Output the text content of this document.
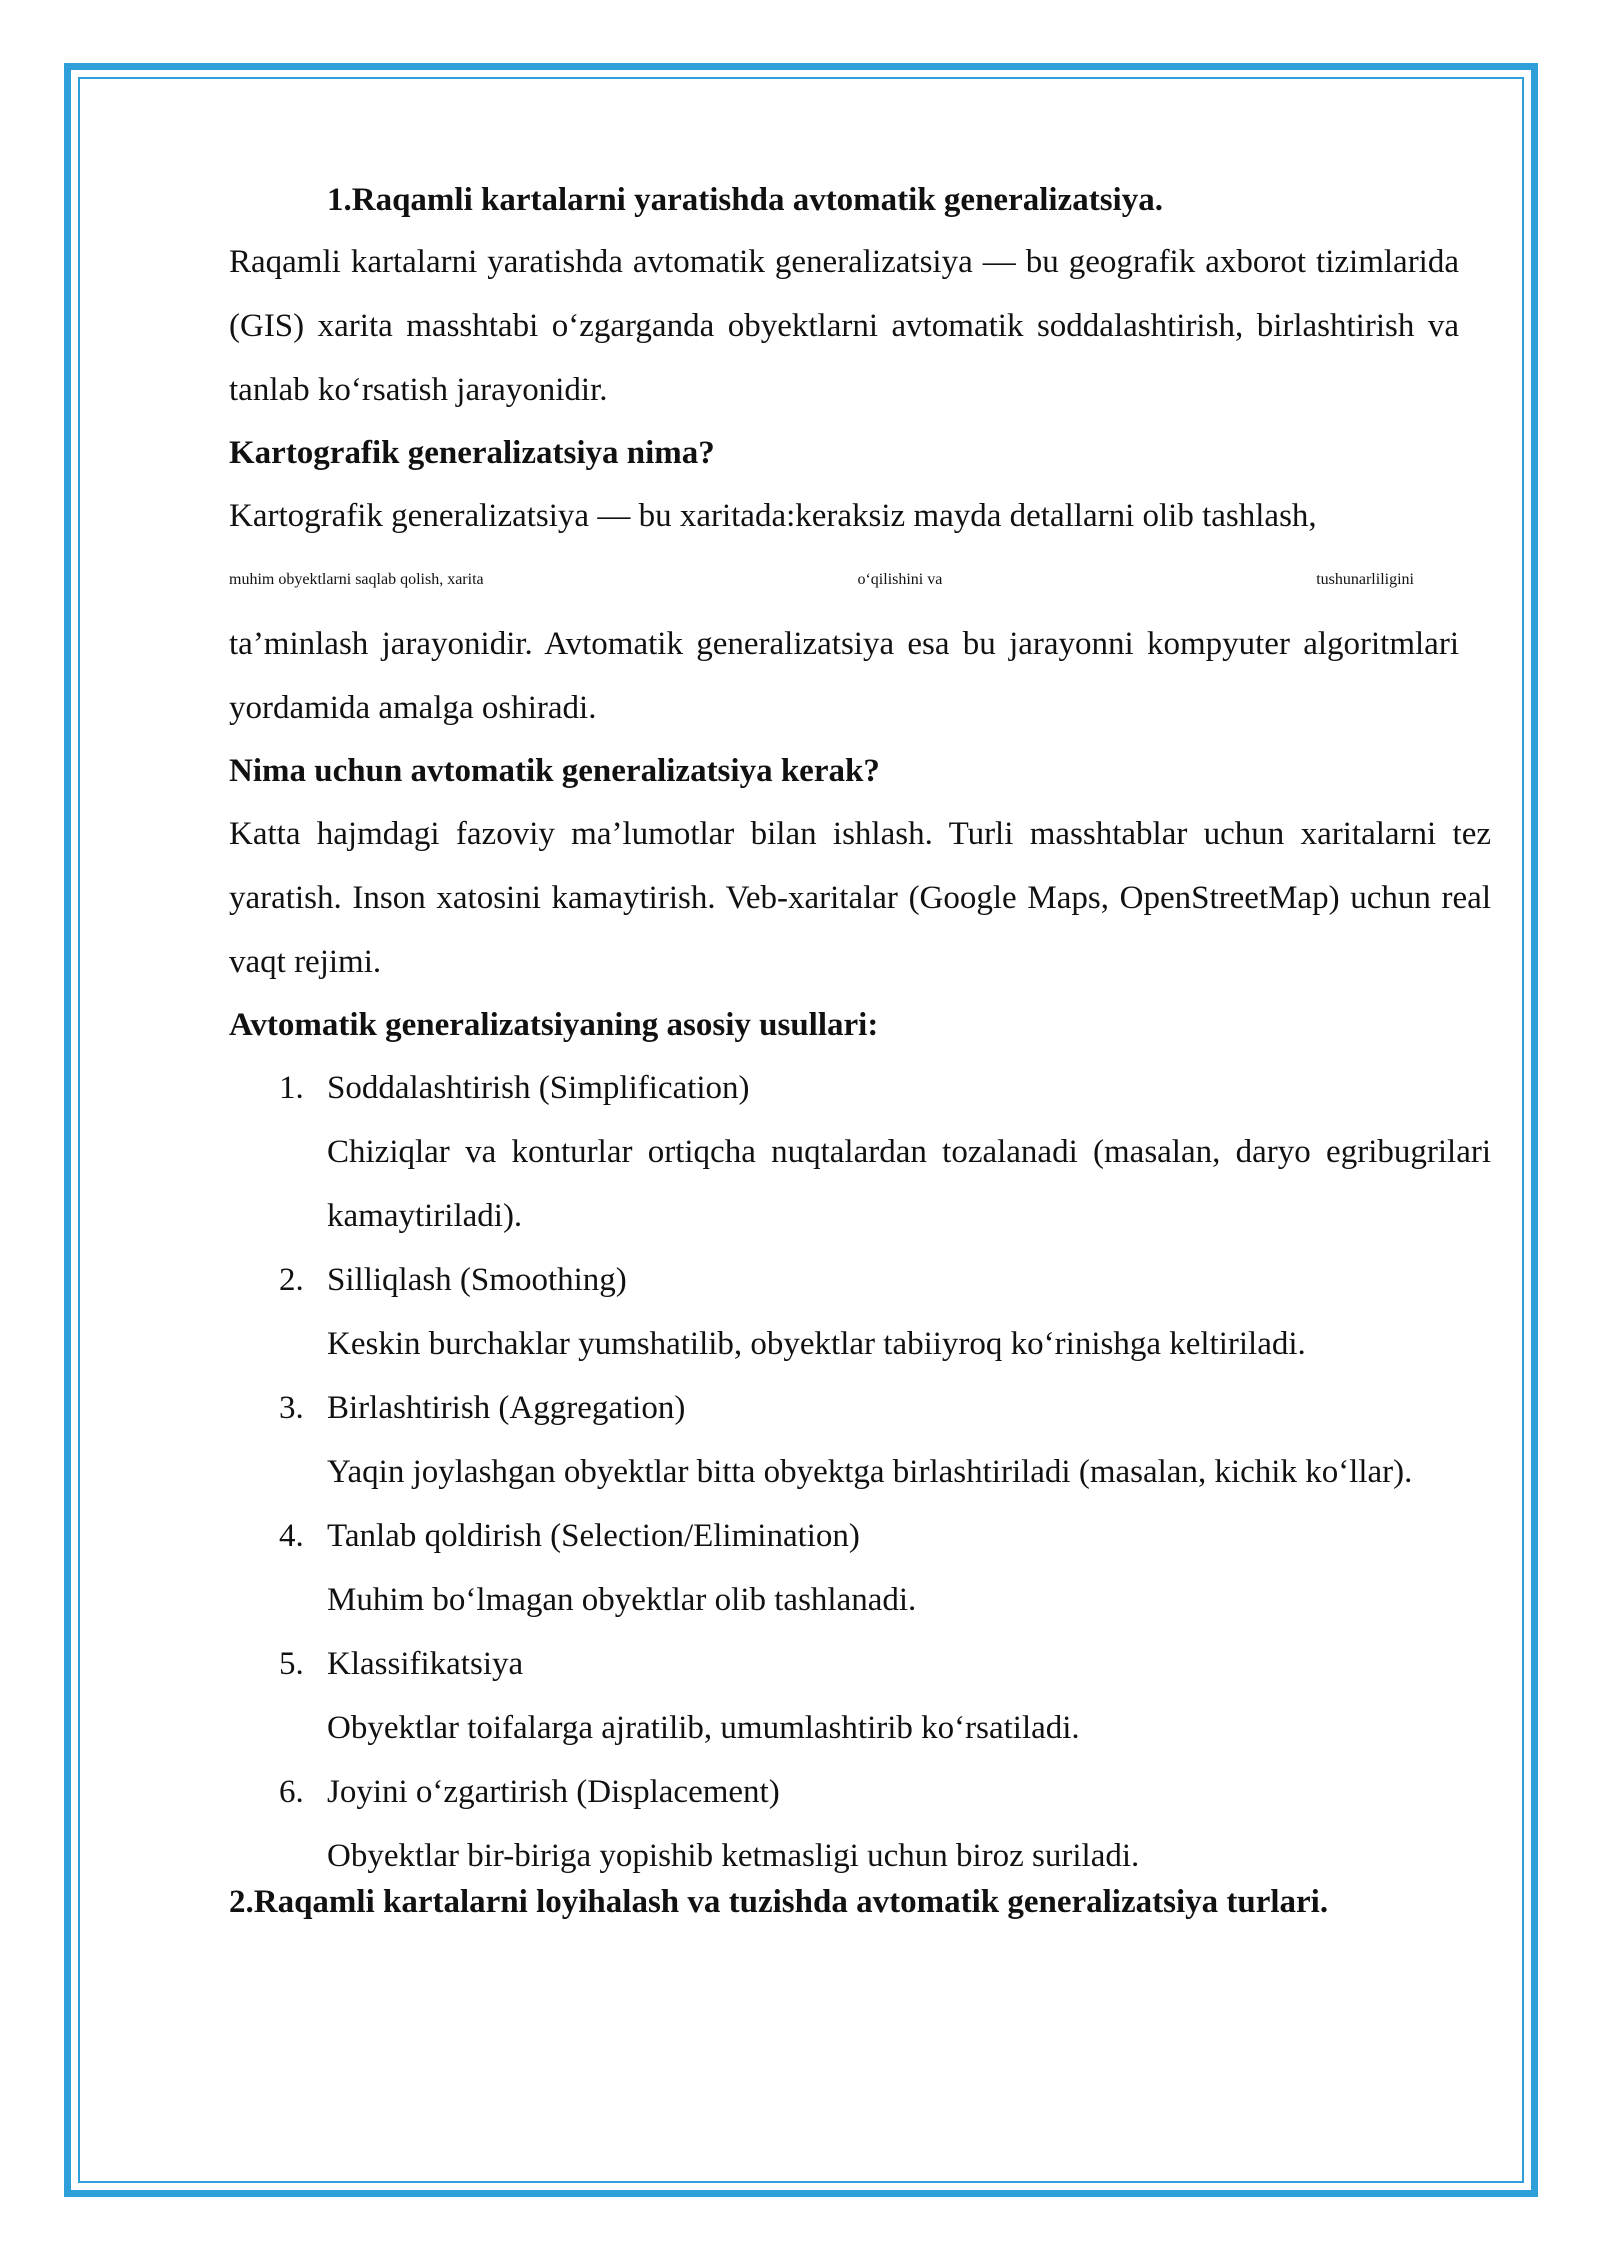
1.Raqamli kartalarni yaratishda avtomatik generalizatsiya.

Raqamli kartalarni yaratishda avtomatik generalizatsiya — bu geografik axborot tizimlarida (GIS) xarita masshtabi o‘zgarganda obyektlarni avtomatik soddalashtirish, birlashtirish va tanlab ko‘rsatish jarayonidir.

Kartografik generalizatsiya nima?

Kartografik generalizatsiya — bu xaritada:keraksiz mayda detallarni olib tashlash,

muhim obyektlarni saqlab qolish, xarita	o‘qilishini va	tushunarliligini

ta’minlash jarayonidir. Avtomatik generalizatsiya esa bu jarayonni kompyuter algoritmlari yordamida amalga oshiradi.

Nima uchun avtomatik generalizatsiya kerak?

Katta hajmdagi fazoviy ma’lumotlar bilan ishlash. Turli masshtablar uchun xaritalarni tez yaratish. Inson xatosini kamaytirish. Veb-xaritalar (Google Maps, OpenStreetMap) uchun real vaqt rejimi.

Avtomatik generalizatsiyaning asosiy usullari:
1. Soddalashtirish (Simplification)
Chiziqlar va konturlar ortiqcha nuqtalardan tozalanadi (masalan, daryo egribugrilari kamaytiriladi).
2. Silliqlash (Smoothing)
Keskin burchaklar yumshatilib, obyektlar tabiiyroq ko‘rinishga keltiriladi.
3. Birlashtirish (Aggregation)
Yaqin joylashgan obyektlar bitta obyektga birlashtiriladi (masalan, kichik ko‘llar).
4. Tanlab qoldirish (Selection/Elimination)
Muhim bo‘lmagan obyektlar olib tashlanadi.
5. Klassifikatsiya
Obyektlar toifalarga ajratilib, umumlashtirib ko‘rsatiladi.
6. Joyini o‘zgartirish (Displacement)
Obyektlar bir-biriga yopishib ketmasligi uchun biroz suriladi.
2.Raqamli kartalarni loyihalash va tuzishda avtomatik generalizatsiya turlari.
